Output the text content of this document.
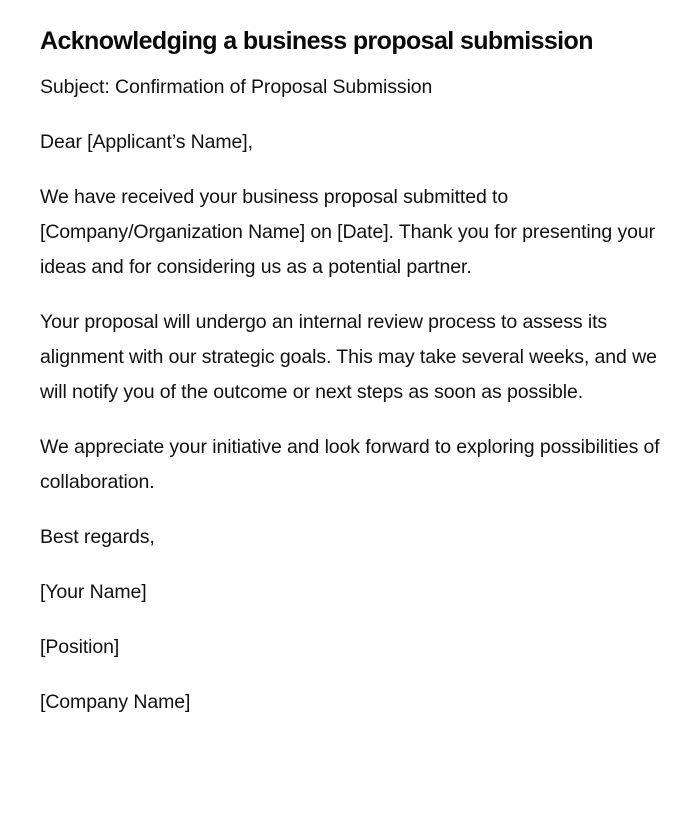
Acknowledging a business proposal submission

Subject: Confirmation of Proposal Submission

Dear [Applicant’s Name],

We have received your business proposal submitted to [Company/Organization Name] on [Date]. Thank you for presenting your ideas and for considering us as a potential partner.

Your proposal will undergo an internal review process to assess its alignment with our strategic goals. This may take several weeks, and we will notify you of the outcome or next steps as soon as possible.

We appreciate your initiative and look forward to exploring possibilities of collaboration.

Best regards,

[Your Name]

[Position]

[Company Name]
